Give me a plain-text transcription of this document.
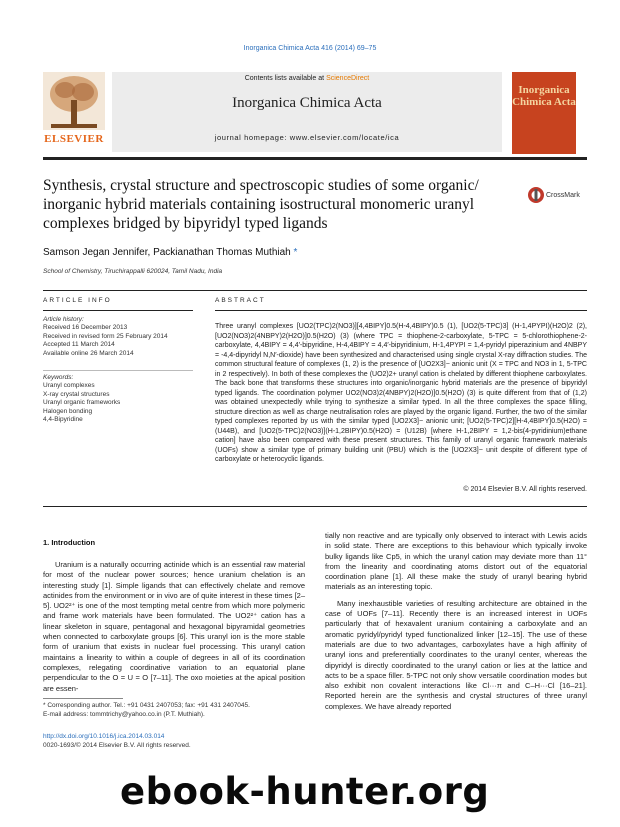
Inorganica Chimica Acta 416 (2014) 69–75
Contents lists available at ScienceDirect
Inorganica Chimica Acta
journal homepage: www.elsevier.com/locate/ica
ELSEVIER
Inorganica Chimica Acta
Synthesis, crystal structure and spectroscopic studies of some organic/ inorganic hybrid materials containing isostructural monomeric uranyl complexes bridged by bipyridyl typed ligands
CrossMark
Samson Jegan Jennifer, Packianathan Thomas Muthiah *
School of Chemistry, Tiruchirappalli 620024, Tamil Nadu, India
ARTICLE INFO
Article history:
Received 16 December 2013
Received in revised form 25 February 2014
Accepted 11 March 2014
Available online 26 March 2014
Keywords:
Uranyl complexes
X-ray crystal structures
Uranyl organic frameworks
Halogen bonding
4,4-Bipyridine
ABSTRACT
Three uranyl complexes [UO2(TPC)2(NO3)][4,4BIPY]0.5(H-4,4BIPY)0.5 (1), [UO2(5-TPC)3] (H-1,4PYPI)(H2O)2 (2), [UO2(NO3)2(4NBPY)2(H2O)]0.5(H2O) (3) (where TPC = thiophene-2-carboxylate, 5-TPC = 5-chlorothiophene-2-carboxylate, 4,4BIPY = 4,4′-bipyridine, H-4,4BIPY = 4,4′-bipyridinium, H-1,4PYPI = 1,4-pyridyl piperazinium and 4NBPY = -4,4-dipyridyl N,N′-dioxide) have been synthesized and characterised using single crystal X-ray diffraction studies. The common structural feature of complexes (1, 2) is the presence of [UO2X3]− anionic unit (X = TPC and NO3 in 1, 5-TPC in 2 respectively). In both of these complexes the (UO2)2+ uranyl cation is chelated by different thiophene carboxylates. The back bone that transforms these structures into organic/inorganic hybrid materials are the presence of bipyridyl typed ligands. The coordination polymer UO2(NO3)2(4NBPY)2(H2O)]0.5(H2O) (3) is quite different from that of (1,2) was obtained unexpectedly while trying to synthesize a similar typed. In all the three complexes the space filling, structure direction as well as charge neutralisation roles are played by the organic ligand. Further, the two of the similar typed complexes reported by us with the similar typed [UO2X3]− anionic unit; [UO2(5-TPC)2][H-4,4BIPY]0.5(H2O) = (U44B), and [UO2(5-TPC)2(NO3)](H-1,2BIPY)0.5(H2O) = (U12B) [where H-1,2BIPY = 1,2-bis(4-pyridinium)ethane cation] have also been compared with these present structures. This family of uranyl organic framework materials (UOFs) show a similar type of primary building unit (PBU) which is the [UO2X3]− unit despite of different type of carboxylate or heterocyclic ligands.
© 2014 Elsevier B.V. All rights reserved.
1. Introduction

Uranium is a naturally occurring actinide which is an essential raw material for most of the nuclear power sources; hence uranium chelation is an interesting study [1]. Simple ligands that can effectively chelate and remove actinides from the environment or in vivo are of quite interest in these times [2–5]. UO2²⁺ is one of the most tempting metal centre from which more polymeric and frame work materials have been formulated. The UO2²⁺ cation has a linear skeleton in square, pentagonal and hexagonal bipyramidal geometries when connected to carboxylate groups [6]. This uranyl ion is the more stable form of uranium that exists in nuclear fuel processing. This uranyl cation maintains a linearity to within a couple of degrees in all of its coordination complexes, relegating coordinative variation to an equatorial plane perpendicular to the O = U = O [7–11]. The oxo moieties at the apical position are essen-

tially non reactive and are typically only observed to interact with Lewis acids in solid state. There are exceptions to this behaviour which typically invoke bulky ligands like Cp5, in which the uranyl cation may deviate more than 11° from the linearity and coordinating atoms distort out of the equatorial coordination plane [1]. All these make the study of uranyl bearing hybrid materials as an interesting topic.

Many inexhaustible varieties of resulting architecture are obtained in the case of UOFs [7–11]. Recently there is an increased interest in UOFs particularly that of hexavalent uranium containing a carboxylate and an aromatic pyridyl/pyridyl typed functionalized linker [12–15]. The use of these materials are due to two advantages, carboxylates have a high affinity of uranyl ions and preferentially coordinates to the uranyl center, whereas the dipyridyl is directly coordinated to the uranyl cation or lies at the lattice and acts to be a space filler. 5-TPC not only show versatile coordination modes but also exhibit non covalent interactions like Cl···π and C–H···Cl [16–21]. Reported herein are the synthesis and crystal structures of three uranyl complexes. We have already reported

* Corresponding author. Tel.: +91 0431 2407053; fax: +91 431 2407045.
E-mail address: tommtrichy@yahoo.co.in (P.T. Muthiah).
http://dx.doi.org/10.1016/j.ica.2014.03.014
0020-1693/© 2014 Elsevier B.V. All rights reserved.
ebook-hunter.org
